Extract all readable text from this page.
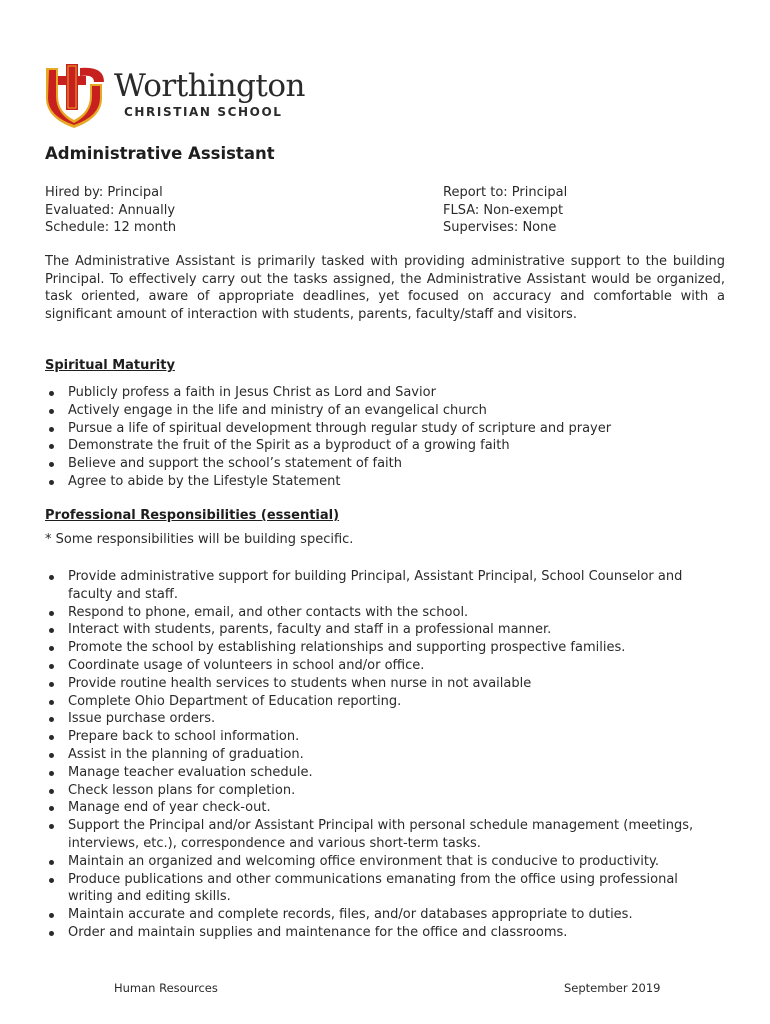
Worthington
CHRISTIAN SCHOOL
Administrative Assistant
Hired by: Principal
Evaluated: Annually
Schedule: 12 month
Report to: Principal
FLSA: Non-exempt
Supervises: None

The Administrative Assistant is primarily tasked with providing administrative support to the building Principal. To effectively carry out the tasks assigned, the Administrative Assistant would be organized, task oriented, aware of appropriate deadlines, yet focused on accuracy and comfortable with a significant amount of interaction with students, parents, faculty/staff and visitors.

Spiritual Maturity
Publicly profess a faith in Jesus Christ as Lord and Savior
Actively engage in the life and ministry of an evangelical church
Pursue a life of spiritual development through regular study of scripture and prayer
Demonstrate the fruit of the Spirit as a byproduct of a growing faith
Believe and support the school’s statement of faith
Agree to abide by the Lifestyle Statement
Professional Responsibilities (essential)

* Some responsibilities will be building specific.

Provide administrative support for building Principal, Assistant Principal, School Counselor and faculty and staff.
Respond to phone, email, and other contacts with the school.
Interact with students, parents, faculty and staff in a professional manner.
Promote the school by establishing relationships and supporting prospective families.
Coordinate usage of volunteers in school and/or office.
Provide routine health services to students when nurse in not available
Complete Ohio Department of Education reporting.
Issue purchase orders.
Prepare back to school information.
Assist in the planning of graduation.
Manage teacher evaluation schedule.
Check lesson plans for completion.
Manage end of year check-out.
Support the Principal and/or Assistant Principal with personal schedule management (meetings, interviews, etc.), correspondence and various short-term tasks.
Maintain an organized and welcoming office environment that is conducive to productivity.
Produce publications and other communications emanating from the office using professional writing and editing skills.
Maintain accurate and complete records, files, and/or databases appropriate to duties.
Order and maintain supplies and maintenance for the office and classrooms.
Human Resources	September 2019
